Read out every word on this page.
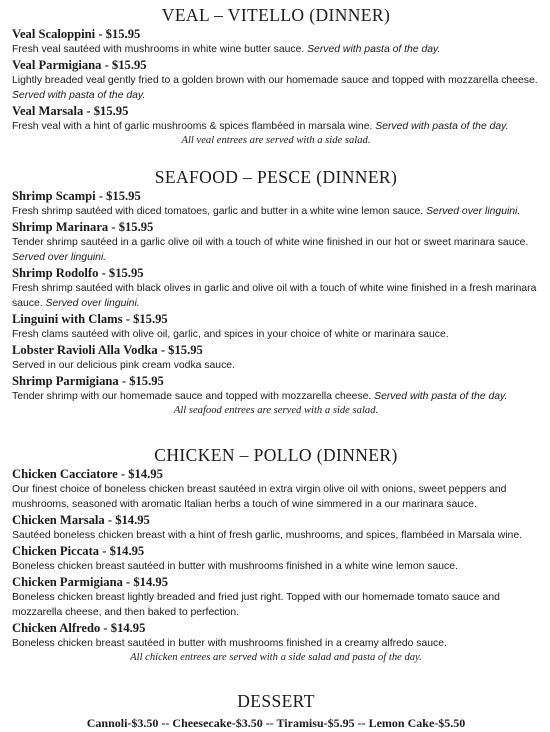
VEAL – VITELLO (DINNER)
Veal Scaloppini - $15.95
Fresh veal sautéed with mushrooms in white wine butter sauce. Served with pasta of the day.
Veal Parmigiana - $15.95
Lightly breaded veal gently fried to a golden brown with our homemade sauce and topped with mozzarella cheese. Served with pasta of the day.
Veal Marsala - $15.95
Fresh veal with a hint of garlic mushrooms & spices flambéed in marsala wine. Served with pasta of the day.
All veal entrees are served with a side salad.
SEAFOOD – PESCE (DINNER)
Shrimp Scampi - $15.95
Fresh shrimp sautéed with diced tomatoes, garlic and butter in a white wine lemon sauce. Served over linguini.
Shrimp Marinara - $15.95
Tender shrimp sautéed in a garlic olive oil with a touch of white wine finished in our hot or sweet marinara sauce. Served over linguini.
Shrimp Rodolfo - $15.95
Fresh shrimp sautéed with black olives in garlic and olive oil with a touch of white wine finished in a fresh marinara sauce. Served over linguini.
Linguini with Clams - $15.95
Fresh clams sautéed with olive oil, garlic, and spices in your choice of white or marinara sauce.
Lobster Ravioli Alla Vodka - $15.95
Served in our delicious pink cream vodka sauce.
Shrimp Parmigiana - $15.95
Tender shrimp with our homemade sauce and topped with mozzarella cheese. Served with pasta of the day.
All seafood entrees are served with a side salad.
CHICKEN – POLLO (DINNER)
Chicken Cacciatore - $14.95
Our finest choice of boneless chicken breast sautéed in extra virgin olive oil with onions, sweet peppers and mushrooms, seasoned with aromatic Italian herbs a touch of wine simmered in a our marinara sauce.
Chicken Marsala - $14.95
Sautéed boneless chicken breast with a hint of fresh garlic, mushrooms, and spices, flambéed in Marsala wine.
Chicken Piccata - $14.95
Boneless chicken breast sautéed in butter with mushrooms finished in a white wine lemon sauce.
Chicken Parmigiana - $14.95
Boneless chicken breast lightly breaded and fried just right. Topped with our homemade tomato sauce and mozzarella cheese, and then baked to perfection.
Chicken Alfredo - $14.95
Boneless chicken breast sautéed in butter with mushrooms finished in a creamy alfredo sauce.
All chicken entrees are served with a side salad and pasta of the day.
DESSERT
Cannoli-$3.50 -- Cheesecake-$3.50 -- Tiramisu-$5.95 -- Lemon Cake-$5.50
